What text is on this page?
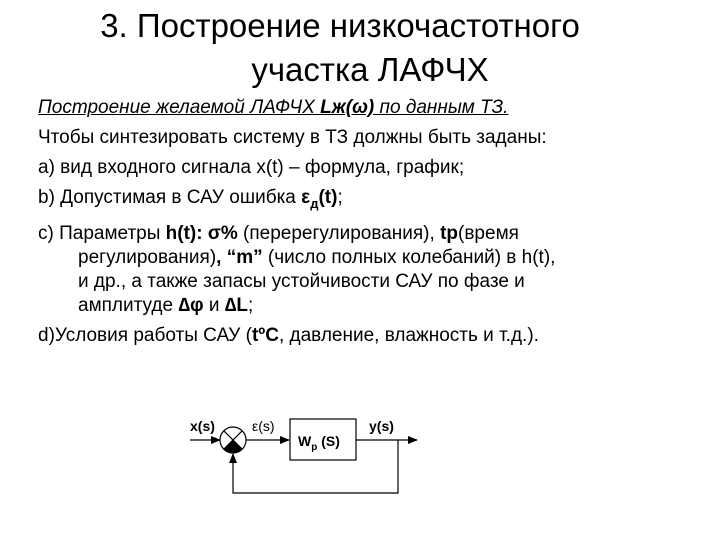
3. Построение низкочастотного
участка ЛАФЧХ

Построение желаемой ЛАФЧХ Lж(ω) по данным ТЗ.

Чтобы синтезировать систему в ТЗ должны быть заданы:

a) вид входного сигнала x(t) – формула, график;

b) Допустимая в САУ ошибка $\varepsilon_д(t)$;

c) Параметры h(t): σ% (перерегулирования), tp(время
регулирования), “m” (число полных колебаний) в h(t),
и др., а также запасы устойчивости САУ по фазе и
амплитуде ∆φ и ∆L;

d)Условия работы САУ (tºC, давление, влажность и т.д.).

x(s)	ε(s)
$W_р$ (S)
y(s)
